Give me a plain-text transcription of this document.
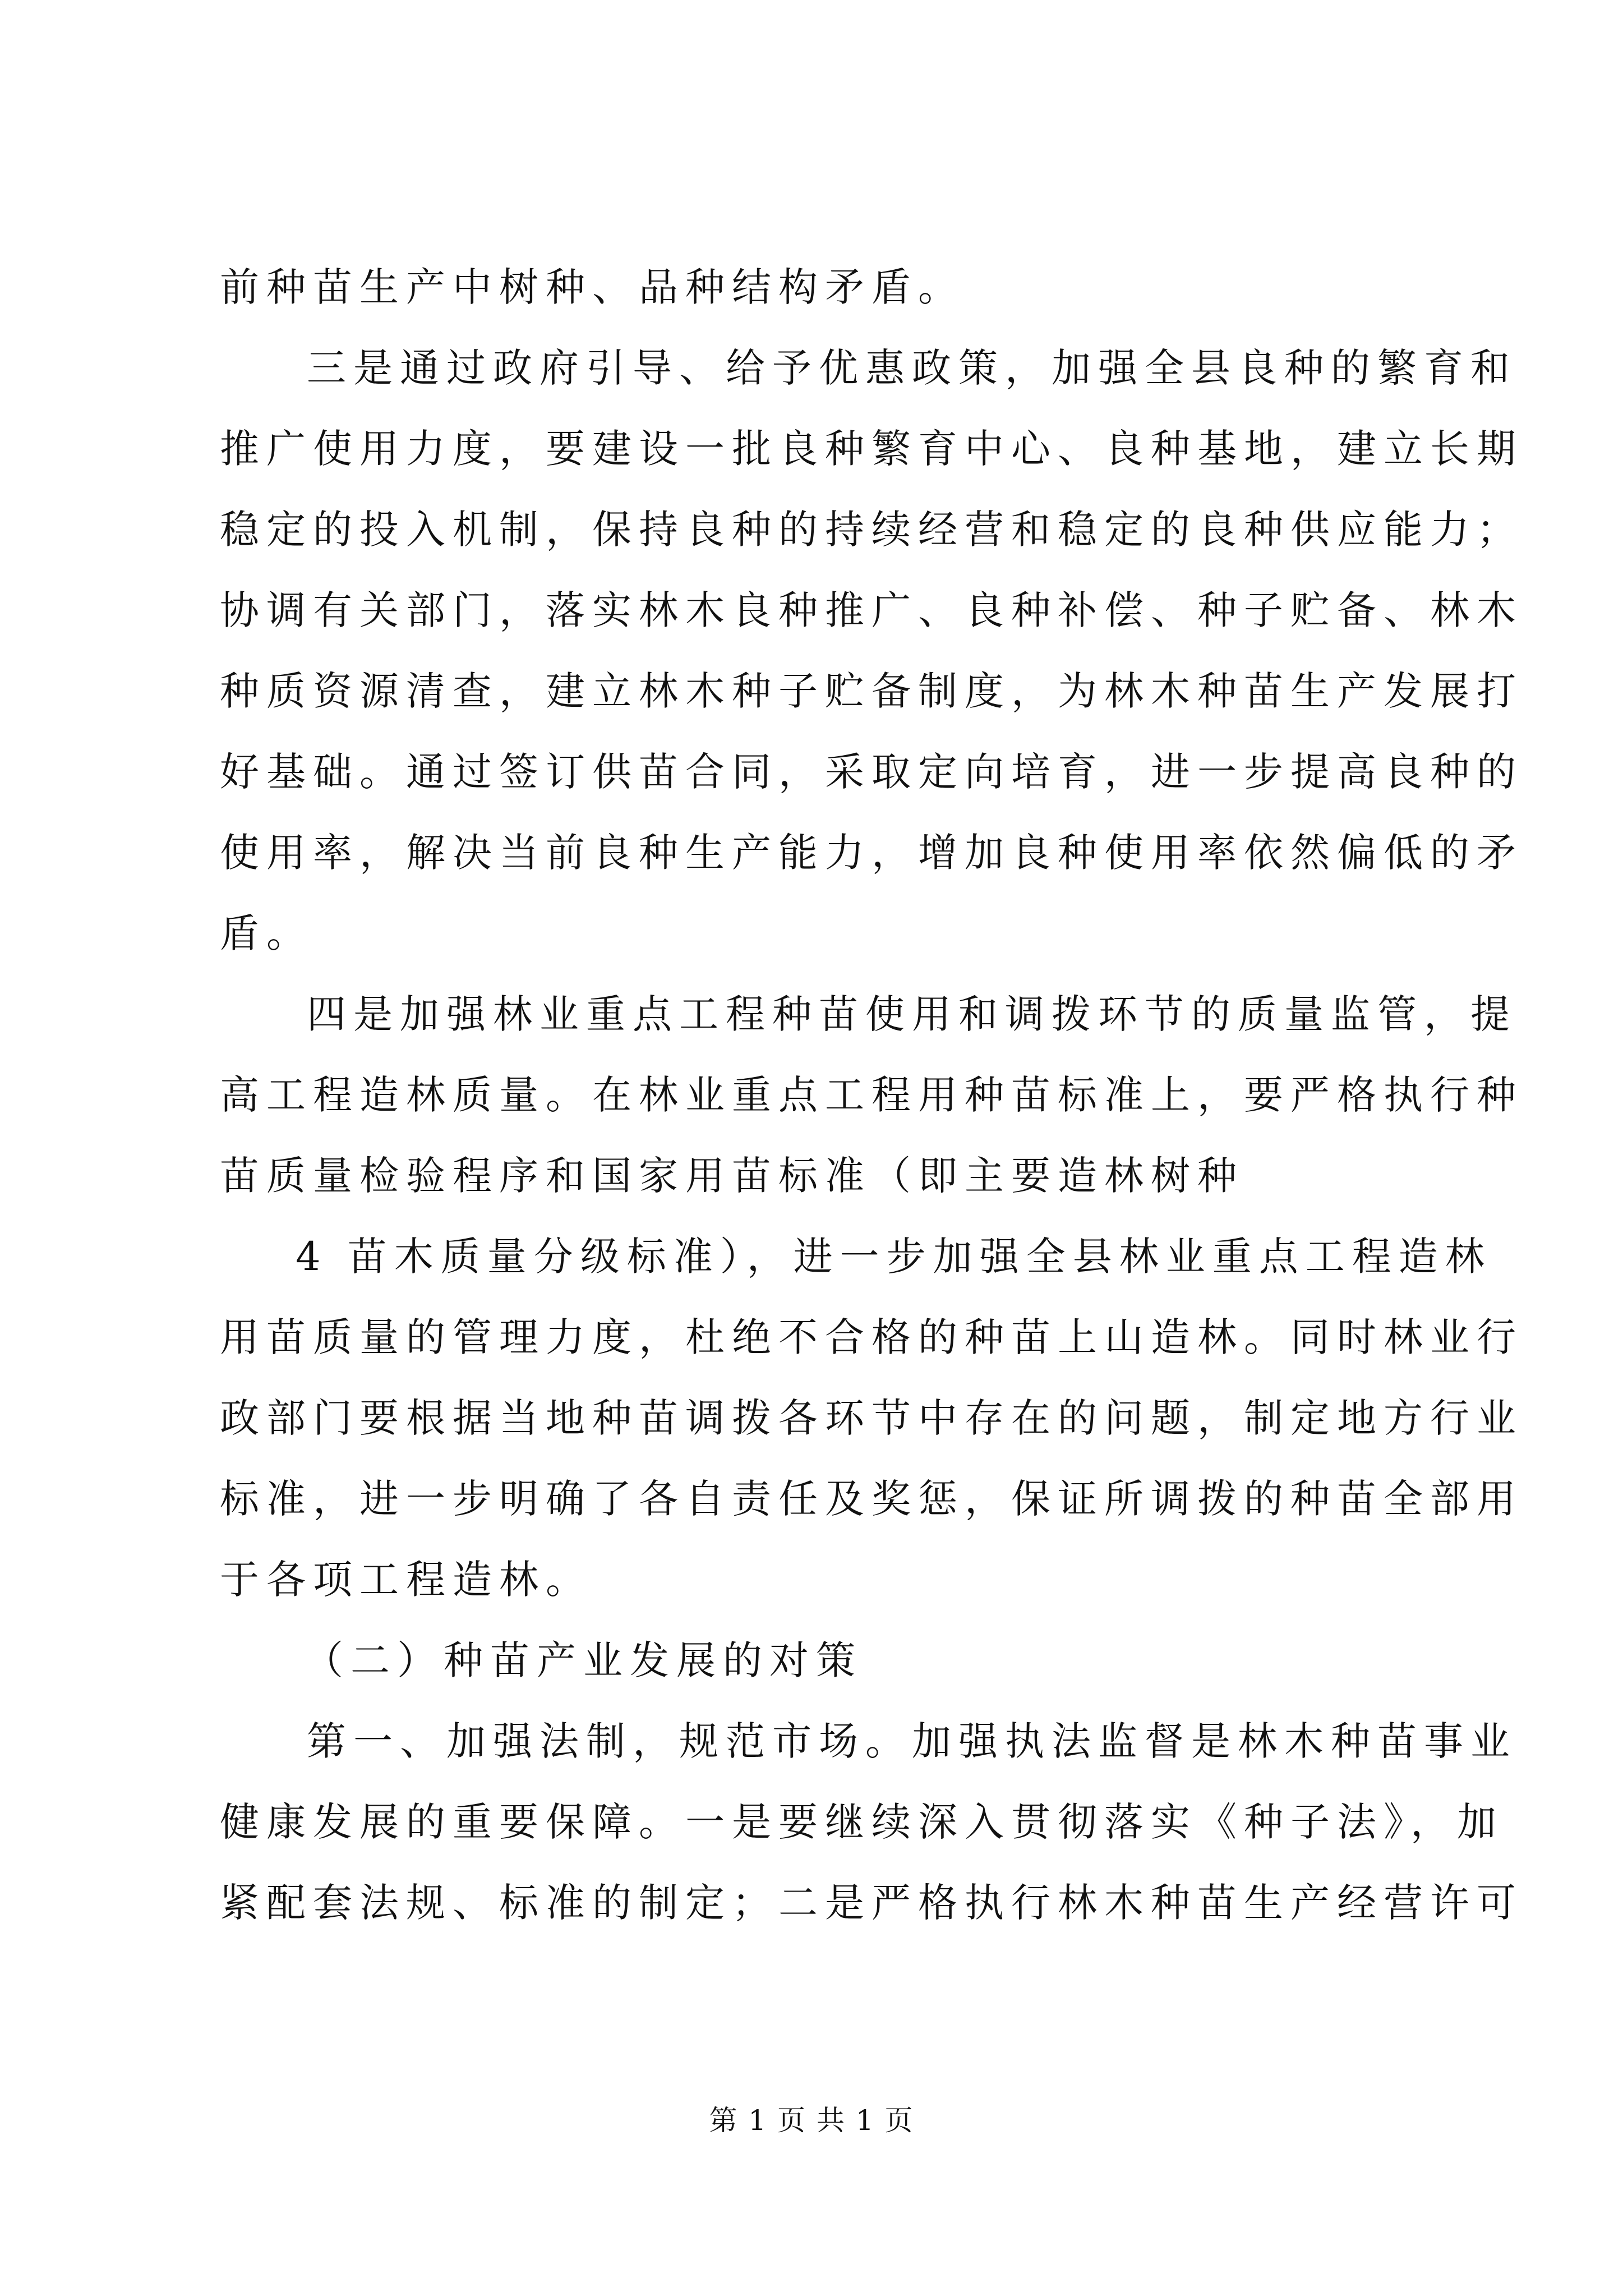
前种苗生产中树种、品种结构矛盾。
三是通过政府引导、给予优惠政策，加强全县良种的繁育和
推广使用力度，要建设一批良种繁育中心、良种基地，建立长期
稳定的投入机制，保持良种的持续经营和稳定的良种供应能力；
协调有关部门，落实林木良种推广、良种补偿、种子贮备、林木
种质资源清查，建立林木种子贮备制度，为林木种苗生产发展打
好基础。通过签订供苗合同，采取定向培育，进一步提高良种的
使用率，解决当前良种生产能力，增加良种使用率依然偏低的矛
盾。
四是加强林业重点工程种苗使用和调拨环节的质量监管，提
高工程造林质量。在林业重点工程用种苗标准上，要严格执行种
苗质量检验程序和国家用苗标准（即主要造林树种
4 苗木质量分级标准），进一步加强全县林业重点工程造林
用苗质量的管理力度，杜绝不合格的种苗上山造林。同时林业行
政部门要根据当地种苗调拨各环节中存在的问题，制定地方行业
标准，进一步明确了各自责任及奖惩，保证所调拨的种苗全部用
于各项工程造林。
（二）种苗产业发展的对策
第一、加强法制，规范市场。加强执法监督是林木种苗事业
健康发展的重要保障。一是要继续深入贯彻落实《种子法》，加
紧配套法规、标准的制定；二是严格执行林木种苗生产经营许可
第 1 页 共 1 页
